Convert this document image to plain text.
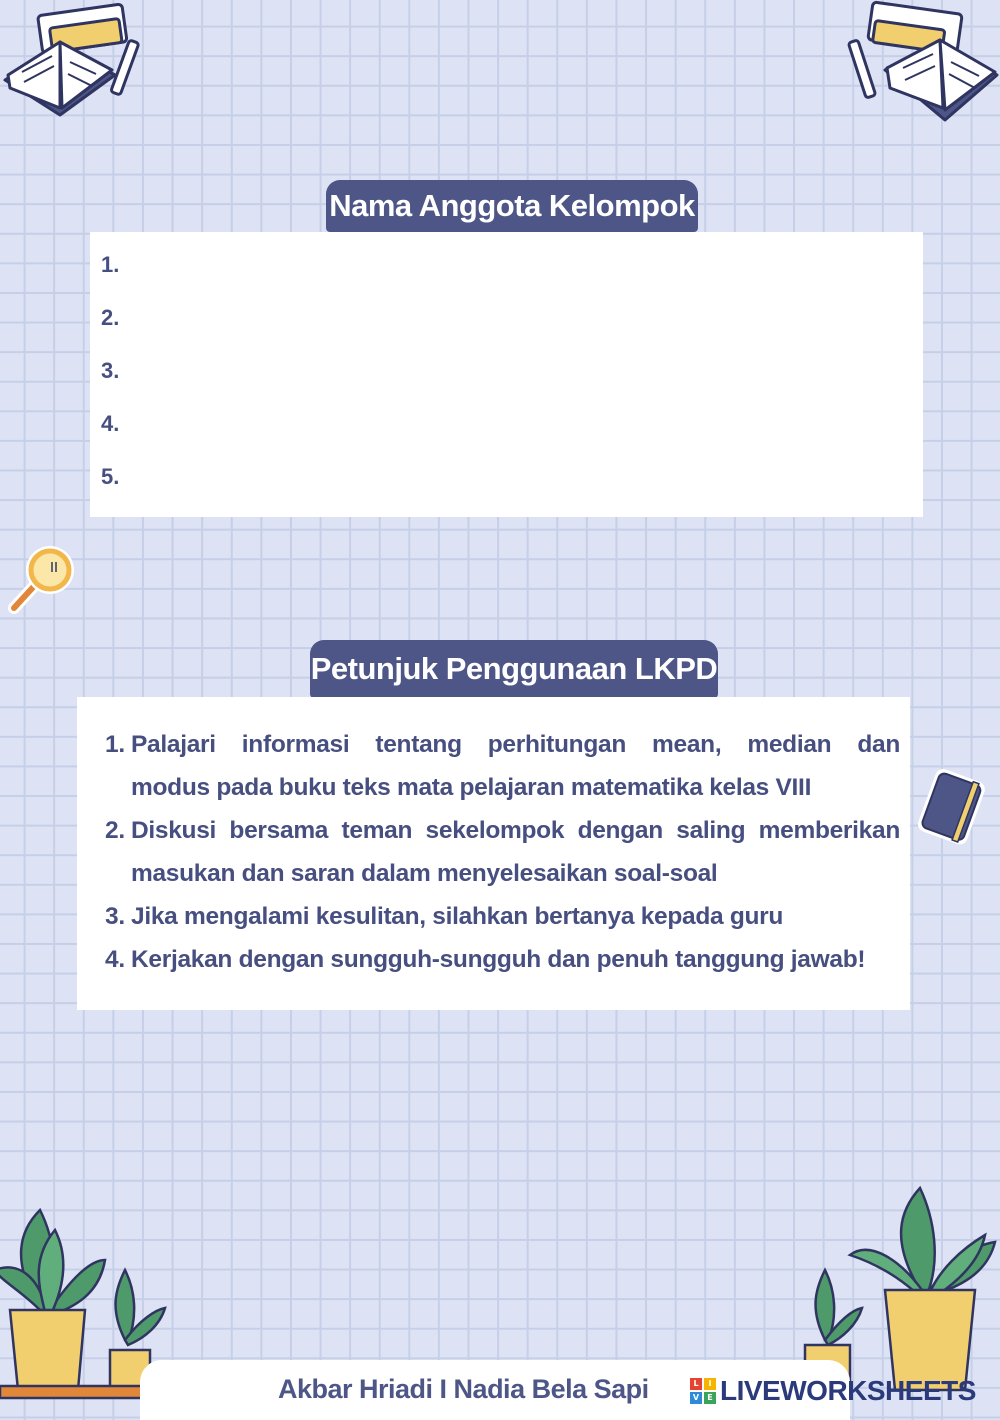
Nama Anggota Kelompok
1.
2.
3.
4.
5.
Petunjuk Penggunaan LKPD
1. Palajari informasi tentang perhitungan mean, median dan
modus pada buku teks mata pelajaran matematika kelas VIII
2. Diskusi bersama teman sekelompok dengan saling memberikan
masukan dan saran dalam menyelesaikan soal-soal
3. Jika mengalami kesulitan, silahkan bertanya kepada guru
4. Kerjakan dengan sungguh-sungguh dan penuh tanggung jawab!
Akbar Hriadi I Nadia Bela Sapi	L	I
V	E LIVEWORKSHEETS
